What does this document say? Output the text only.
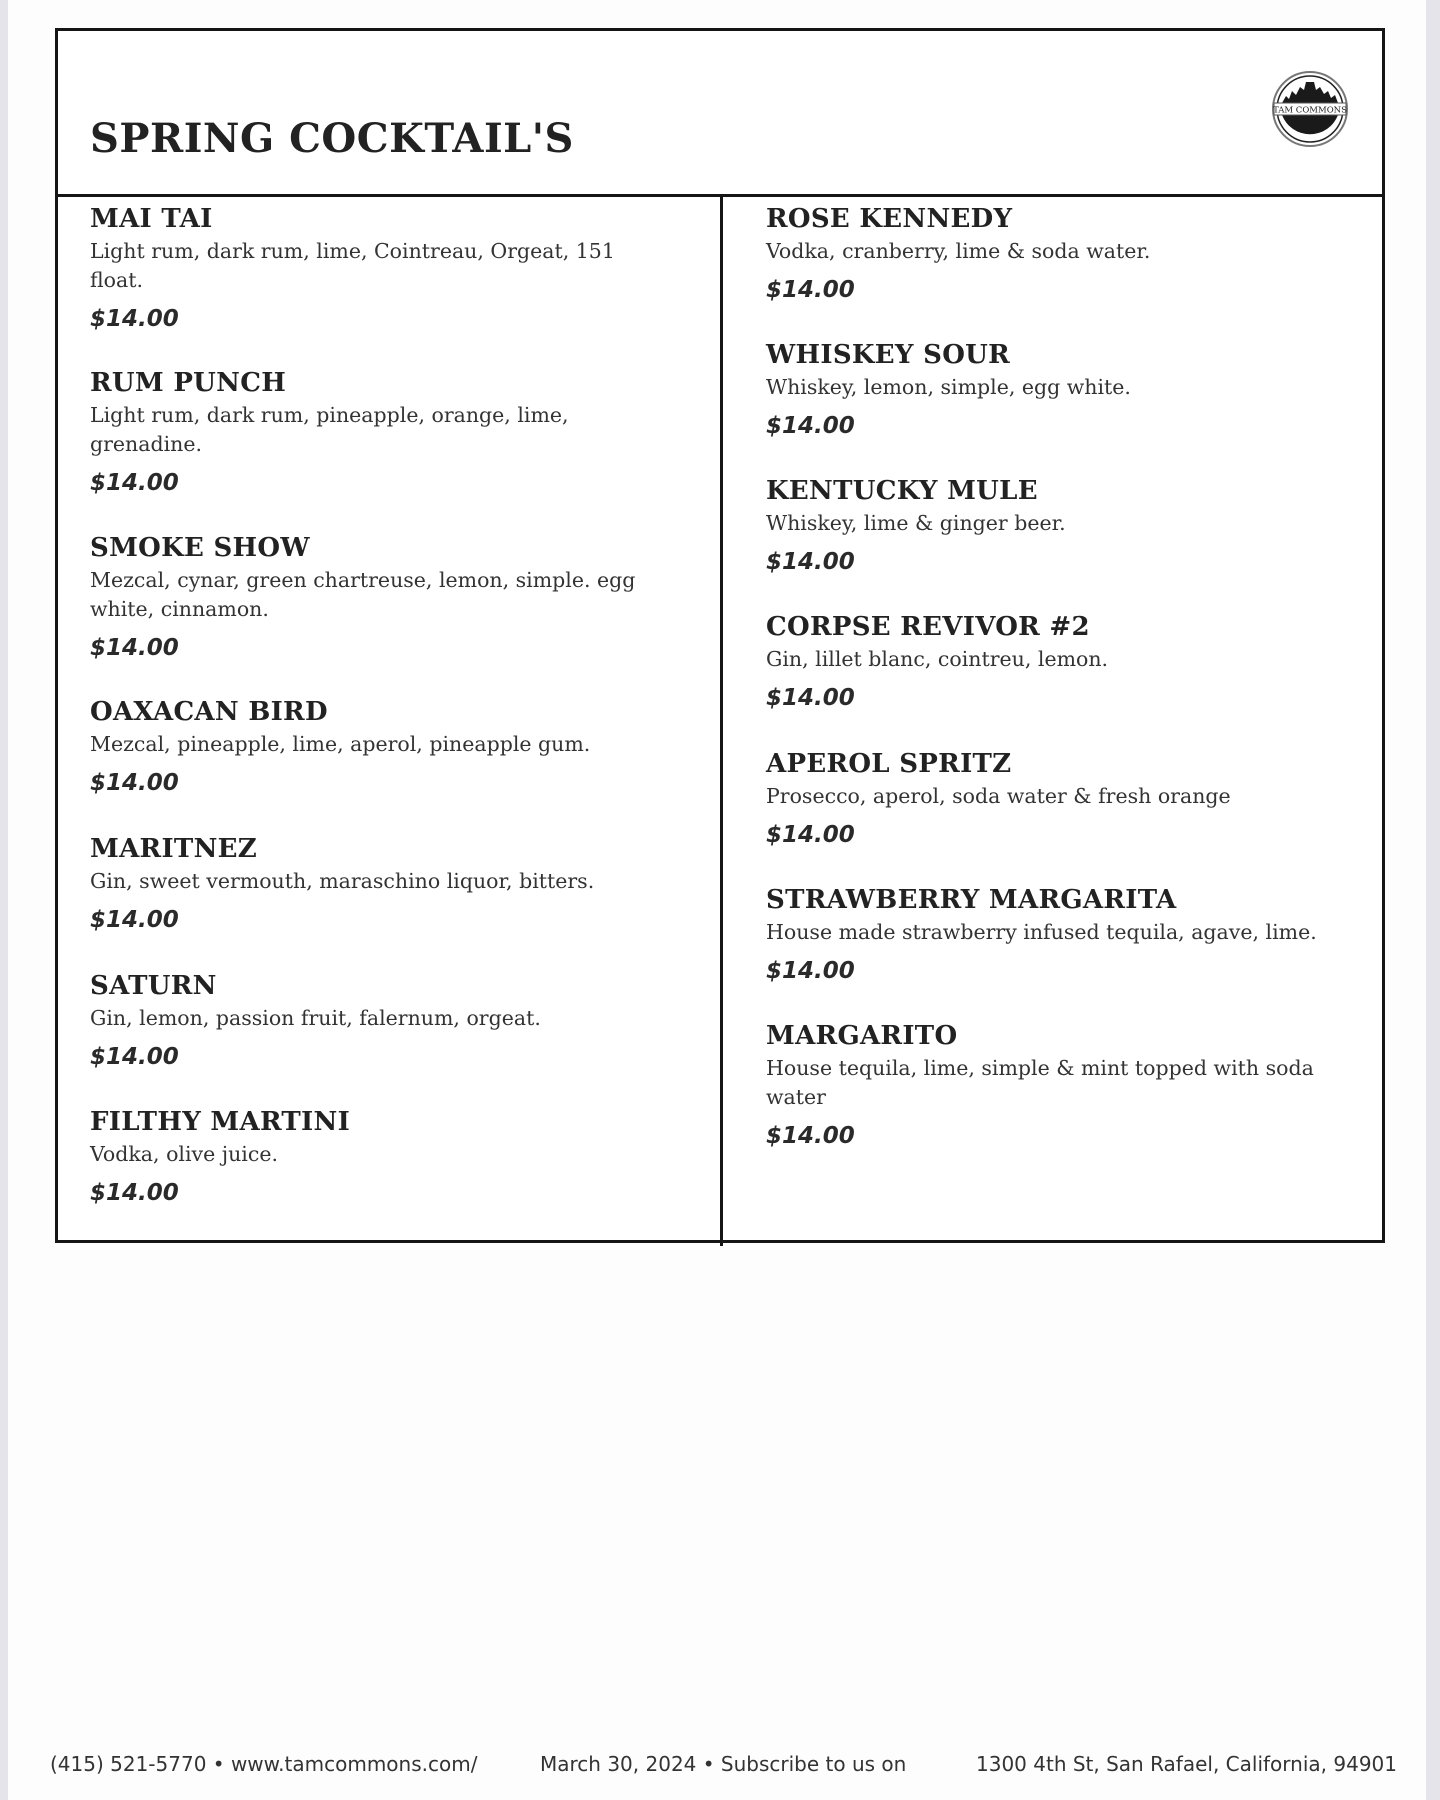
SPRING COCKTAIL'S
TAM COMMONS
MAI TAI
Light rum, dark rum, lime, Cointreau, Orgeat, 151 float.
$14.00
RUM PUNCH
Light rum, dark rum, pineapple, orange, lime, grenadine.
$14.00
SMOKE SHOW
Mezcal, cynar, green chartreuse, lemon, simple. egg white, cinnamon.
$14.00
OAXACAN BIRD
Mezcal, pineapple, lime, aperol, pineapple gum.
$14.00
MARITNEZ
Gin, sweet vermouth, maraschino liquor, bitters.
$14.00
SATURN
Gin, lemon, passion fruit, falernum, orgeat.
$14.00
FILTHY MARTINI
Vodka, olive juice.
$14.00
ROSE KENNEDY
Vodka, cranberry, lime & soda water.
$14.00
WHISKEY SOUR
Whiskey, lemon, simple, egg white.
$14.00
KENTUCKY MULE
Whiskey, lime & ginger beer.
$14.00
CORPSE REVIVOR #2
Gin, lillet blanc, cointreu, lemon.
$14.00
APEROL SPRITZ
Prosecco, aperol, soda water & fresh orange
$14.00
STRAWBERRY MARGARITA
House made strawberry infused tequila, agave, lime.
$14.00
MARGARITO
House tequila, lime, simple & mint topped with soda water
$14.00
(415) 521-5770 • www.tamcommons.com/	March 30, 2024 • Subscribe to us on	1300 4th St, San Rafael, California, 94901
